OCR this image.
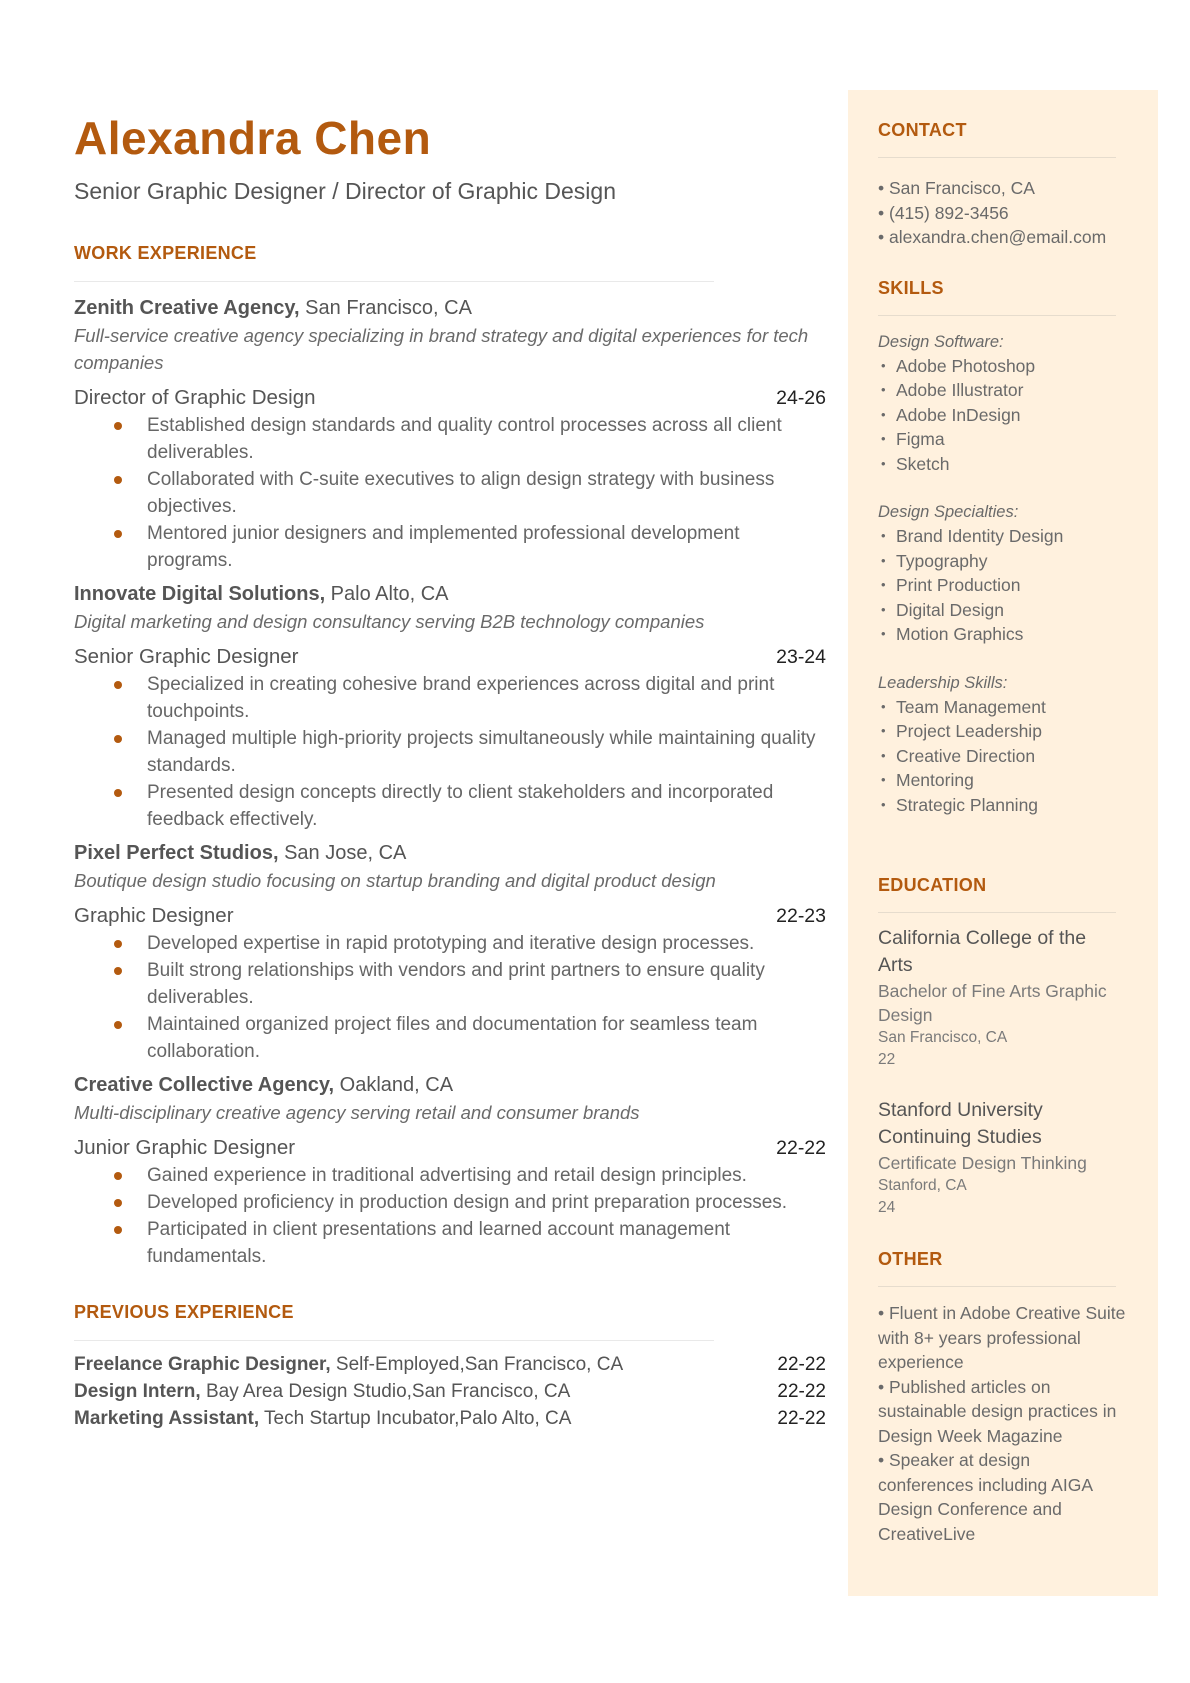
Alexandra Chen
Senior Graphic Designer / Director of Graphic Design
WORK EXPERIENCE
Zenith Creative Agency, San Francisco, CA
Full-service creative agency specializing in brand strategy and digital experiences for tech companies
Director of Graphic Design	24-26
Established design standards and quality control processes across all client deliverables.
Collaborated with C-suite executives to align design strategy with business objectives.
Mentored junior designers and implemented professional development programs.
Innovate Digital Solutions, Palo Alto, CA
Digital marketing and design consultancy serving B2B technology companies
Senior Graphic Designer	23-24
Specialized in creating cohesive brand experiences across digital and print touchpoints.
Managed multiple high-priority projects simultaneously while maintaining quality standards.
Presented design concepts directly to client stakeholders and incorporated feedback effectively.
Pixel Perfect Studios, San Jose, CA
Boutique design studio focusing on startup branding and digital product design
Graphic Designer	22-23
Developed expertise in rapid prototyping and iterative design processes.
Built strong relationships with vendors and print partners to ensure quality deliverables.
Maintained organized project files and documentation for seamless team collaboration.
Creative Collective Agency, Oakland, CA
Multi-disciplinary creative agency serving retail and consumer brands
Junior Graphic Designer	22-22
Gained experience in traditional advertising and retail design principles.
Developed proficiency in production design and print preparation processes.
Participated in client presentations and learned account management fundamentals.
PREVIOUS EXPERIENCE
Freelance Graphic Designer, Self-Employed,San Francisco, CA	22-22
Design Intern, Bay Area Design Studio,San Francisco, CA	22-22
Marketing Assistant, Tech Startup Incubator,Palo Alto, CA	22-22
CONTACT
• San Francisco, CA
• (415) 892-3456
• alexandra.chen@email.com
SKILLS
Design Software:
• Adobe Photoshop
• Adobe Illustrator
• Adobe InDesign
• Figma
• Sketch
Design Specialties:
• Brand Identity Design
• Typography
• Print Production
• Digital Design
• Motion Graphics
Leadership Skills:
• Team Management
• Project Leadership
• Creative Direction
• Mentoring
• Strategic Planning
EDUCATION
California College of the Arts
Bachelor of Fine Arts Graphic Design
San Francisco, CA
22
Stanford University Continuing Studies
Certificate Design Thinking
Stanford, CA
24
OTHER
• Fluent in Adobe Creative Suite with 8+ years professional experience
• Published articles on sustainable design practices in Design Week Magazine
• Speaker at design conferences including AIGA Design Conference and CreativeLive
